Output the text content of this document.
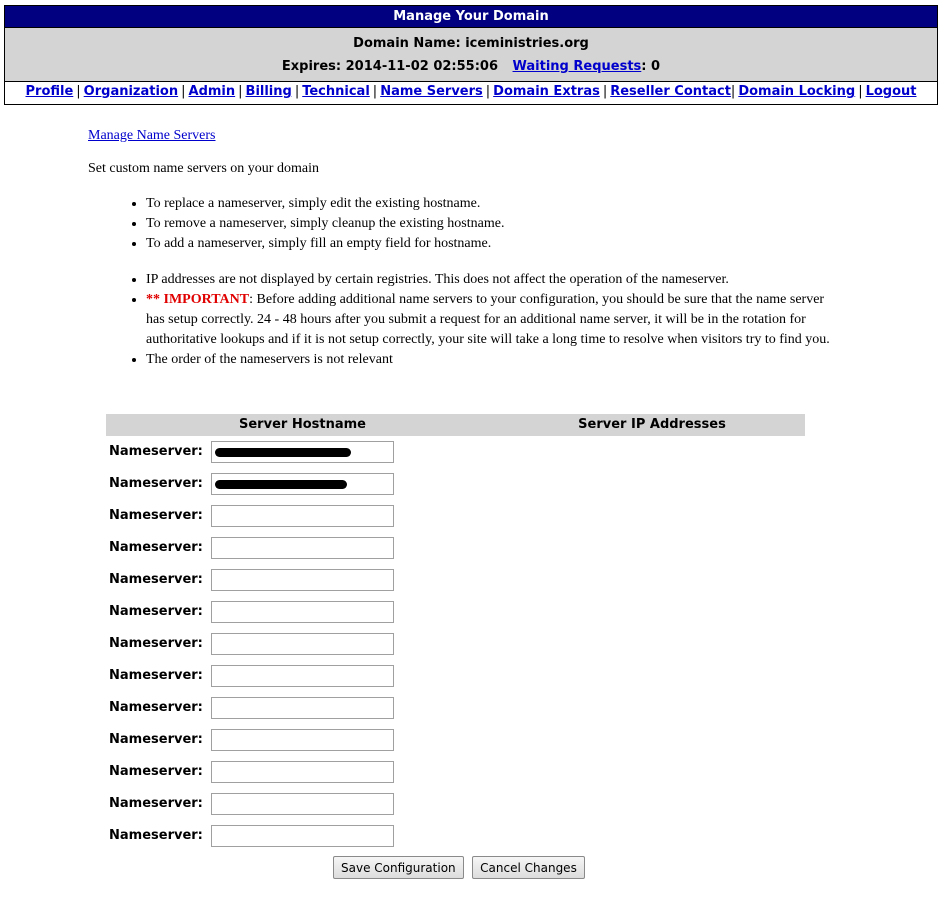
Manage Your Domain
Domain Name: iceministries.org
Expires: 2014-11-02 02:55:06 Waiting Requests: 0
Profile | Organization | Admin | Billing | Technical | Name Servers | Domain Extras | Reseller Contact| Domain Locking | Logout
Manage Name Servers
Set custom name servers on your domain
• To replace a nameserver, simply edit the existing hostname.
• To remove a nameserver, simply cleanup the existing hostname.
• To add a nameserver, simply fill an empty field for hostname.
• IP addresses are not displayed by certain registries. This does not affect the operation of the nameserver.
• ** IMPORTANT: Before adding additional name servers to your configuration, you should be sure that the name server has setup correctly. 24 - 48 hours after you submit a request for an additional name server, it will be in the rotation for authoritative lookups and if it is not setup correctly, your site will take a long time to resolve when visitors try to find you.
• The order of the nameservers is not relevant
Server Hostname	Server IP Addresses
Nameserver:
Nameserver:
Nameserver:
Nameserver:
Nameserver:
Nameserver:
Nameserver:
Nameserver:
Nameserver:
Nameserver:
Nameserver:
Nameserver:
Nameserver:
Save Configuration Cancel Changes
